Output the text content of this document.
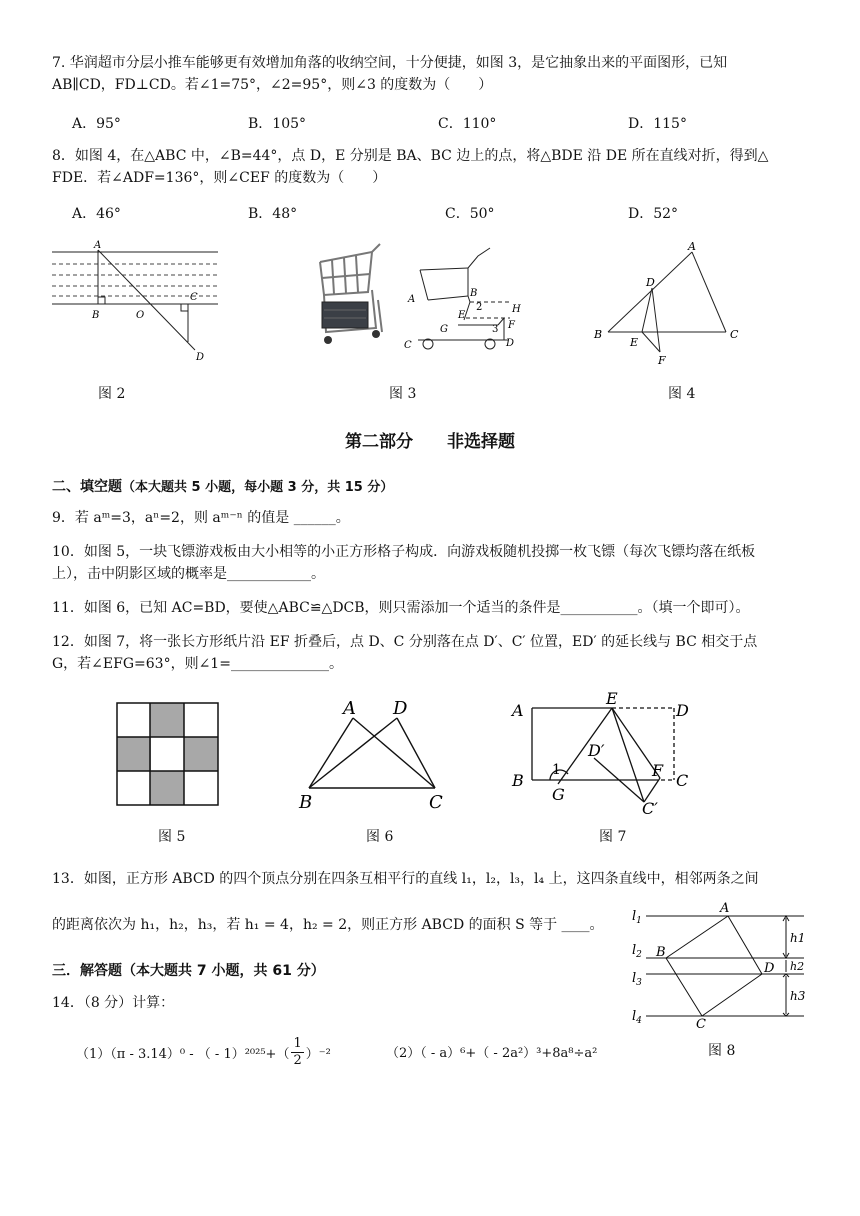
7. 华润超市分层小推车能够更有效增加角落的收纳空间，十分便捷，如图 3，是它抽象出来的平面图形，已知
AB∥CD，FD⊥CD。若∠1=75°，∠2=95°，则∠3 的度数为（　　）
A．95°	B．105°	C．110°	D．115°
8．如图 4，在△ABC 中，∠B=44°，点 D，E 分别是 BA、BC 边上的点，将△BDE 沿 DE 所在直线对折，得到△
FDE．若∠ADF=136°，则∠CEF 的度数为（　　）
A．46°	B．48°	C．50°	D．52°
A
B	O
C
D
图 2
A
B
2	H
E
F
G	3
C	D
图 3
A
D
B
E
C
F
图 4
第二部分　　非选择题
二、填空题（本大题共 5 小题，每小题 3 分，共 15 分）
9．若 aᵐ=3，aⁿ=2，则 aᵐ⁻ⁿ 的值是 ______。
10．如图 5，一块飞镖游戏板由大小相等的小正方形格子构成．向游戏板随机投掷一枚飞镖（每次飞镖均落在纸板
上），击中阴影区域的概率是____________。
11．如图 6，已知 AC=BD，要使△ABC≌△DCB，则只需添加一个适当的条件是___________。（填一个即可）。
12．如图 7，将一张长方形纸片沿 EF 折叠后，点 D、C 分别落在点 D′、C′ 位置，ED′ 的延长线与 BC 相交于点
G，若∠EFG=63°，则∠1=______________。
图 5
A D
B	C
图 6
A
E
D
D′
B
1
G
F
C
C′
图 7
13．如图，正方形 ABCD 的四个顶点分别在四条互相平行的直线 l₁，l₂，l₃，l₄ 上，这四条直线中，相邻两条之间
的距离依次为 h₁，h₂，h₃，若 h₁ = 4，h₂ = 2，则正方形 ABCD 的面积 S 等于 ____。
$l_1$
$l_2$
$l_3$
$l_4$
A
B
D
C
h1
h2
h3
图 8
三．解答题（本大题共 7 小题，共 61 分）
14．（8 分）计算：
（1）（π - 3.14）⁰ - （ - $1)^{2025}+( \frac{1}{2} )^{-2}$	（2）（ - a）⁶+（ - 2a²）³+8a⁸÷a²
